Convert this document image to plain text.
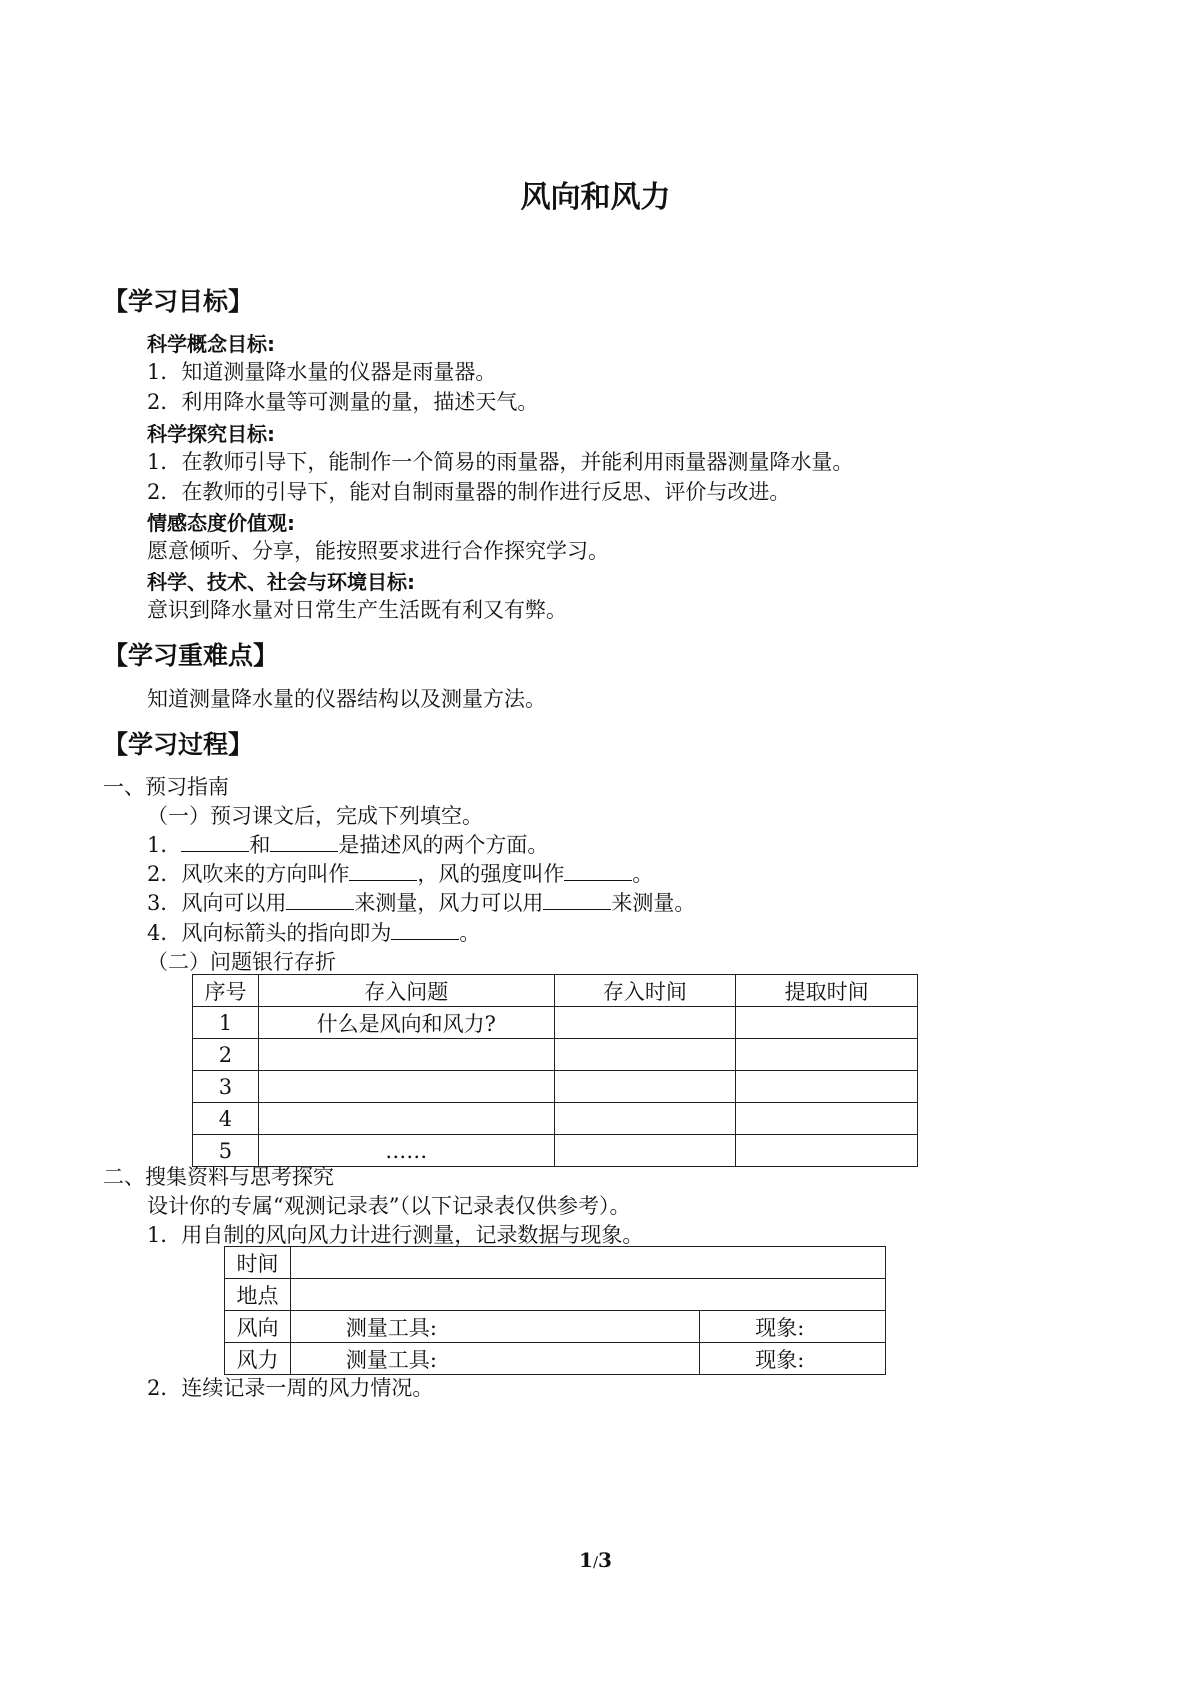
风向和风力
【学习目标】
科学概念目标:
1．知道测量降水量的仪器是雨量器。
2．利用降水量等可测量的量，描述天气。
科学探究目标:
1．在教师引导下，能制作一个简易的雨量器，并能利用雨量器测量降水量。
2．在教师的引导下，能对自制雨量器的制作进行反思、评价与改进。
情感态度价值观:
愿意倾听、分享，能按照要求进行合作探究学习。
科学、技术、社会与环境目标:
意识到降水量对日常生产生活既有利又有弊。
【学习重难点】
知道测量降水量的仪器结构以及测量方法。
【学习过程】
一、预习指南
（一）预习课文后，完成下列填空。
1．	和	是描述风的两个方面。
2．风吹来的方向叫作	，风的强度叫作	。
3．风向可以用	来测量，风力可以用	来测量。
4．风向标箭头的指向即为	。
（二）问题银行存折
序号	存入问题	存入时间	提取时间
1	什么是风向和风力?		
2			
3			
4			
5	……		
二、搜集资料与思考探究
设计你的专属“观测记录表”（以下记录表仅供参考）。
1．用自制的风向风力计进行测量，记录数据与现象。
时间		
地点		
风向	测量工具:	现象:
风力	测量工具:	现象:
2．连续记录一周的风力情况。
1/3
